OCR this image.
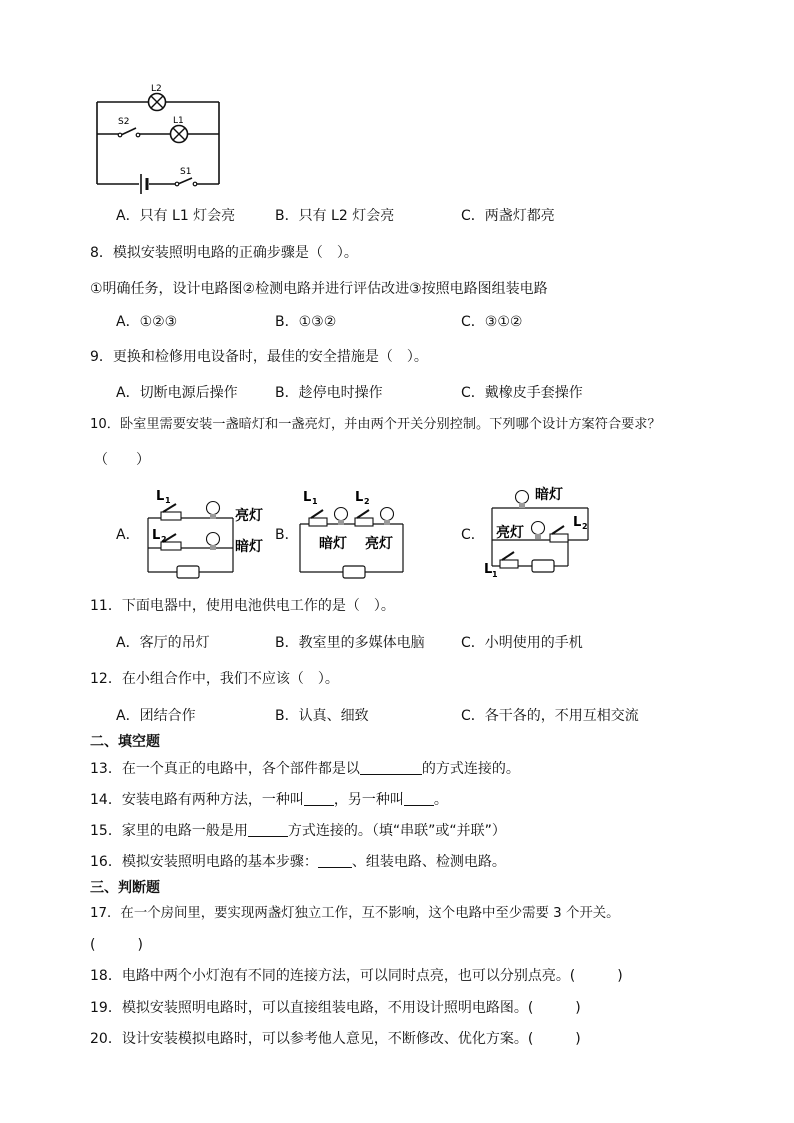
L2
L1
S2
S1
A．只有 L1 灯会亮	B．只有 L2 灯会亮	C．两盏灯都亮
8．模拟安装照明电路的正确步骤是（　）。
①明确任务，设计电路图②检测电路并进行评估改进③按照电路图组装电路
A．①②③	B．①③②	C．③①②
9．更换和检修用电设备时，最佳的安全措施是（　）。
A．切断电源后操作	B．趁停电时操作	C．戴橡皮手套操作
10．卧室里需要安装一盏暗灯和一盏亮灯，并由两个开关分别控制。下列哪个设计方案符合要求？
（　　）
A．	B．	C．
L 1
L 2
亮灯
暗灯
L 1	L 2
暗灯 亮灯
暗灯
亮灯
L 2
L 1
11．下面电器中，使用电池供电工作的是（　）。
A．客厅的吊灯	B．教室里的多媒体电脑	C．小明使用的手机
12．在小组合作中，我们不应该（　）。
A．团结合作	B．认真、细致	C．各干各的，不用互相交流
二、填空题
13．在一个真正的电路中，各个部件都是以	的方式连接的。
14．安装电路有两种方法，一种叫 ，另一种叫 。
15．家里的电路一般是用	方式连接的。（填“串联”或“并联”）
16．模拟安装照明电路的基本步骤： 、组装电路、检测电路。
三、判断题
17．在一个房间里，要实现两盏灯独立工作，互不影响，这个电路中至少需要 3 个开关。
(　　　)
18．电路中两个小灯泡有不同的连接方法，可以同时点亮，也可以分别点亮。(　　　)
19．模拟安装照明电路时，可以直接组装电路，不用设计照明电路图。(　　　)
20．设计安装模拟电路时，可以参考他人意见，不断修改、优化方案。(　　　)
